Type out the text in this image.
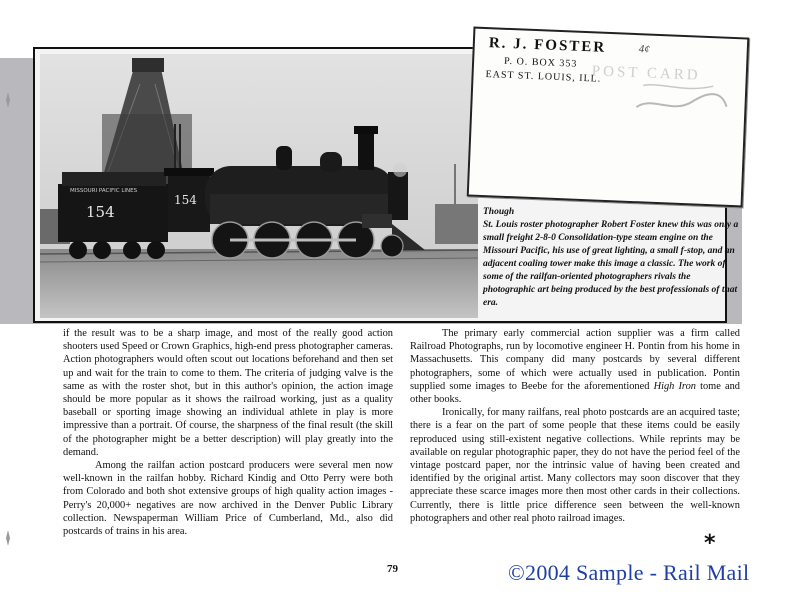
MISSOURI PACIFIC LINES
154
154
POST CARD
R. J. FOSTER
P. O. BOX 353
EAST ST. LOUIS, ILL.
4¢

Though

St. Louis roster photographer Robert Foster knew this was only a small freight 2-8-0 Consolidation-type steam engine on the Missouri Pacific, his use of great lighting, a small f-stop, and an adjacent coaling tower make this image a classic. The work of some of the railfan-oriented photographers rivals the photographic art being produced by the best professionals of that era.

if the result was to be a sharp image, and most of the really good action shooters used Speed or Crown Graphics, high-end press photographer cameras. Action photographers would often scout out locations beforehand and then set up and wait for the train to come to them. The criteria of judging valve is the same as with the roster shot, but in this author's opinion, the action image should be more popular as it shows the railroad working, just as a quality baseball or sporting image showing an individual athlete in play is more impressive than a portrait. Of course, the sharpness of the final result (the skill of the photographer might be a better description) will play greatly into the demand.

Among the railfan action postcard producers were several men now well-known in the railfan hobby. Richard Kindig and Otto Perry were both from Colorado and both shot extensive groups of high quality action images - Perry's 20,000+ negatives are now archived in the Denver Public Library collection. Newspaperman William Price of Cumberland, Md., also did postcards of trains in his area.

The primary early commercial action supplier was a firm called Railroad Photographs, run by locomotive engineer H. Pontin from his home in Massachusetts. This company did many postcards by several different photographers, some of which were actually used in publication. Pontin supplied some images to Beebe for the aforementioned High Iron tome and other books.

Ironically, for many railfans, real photo postcards are an acquired taste; there is a fear on the part of some people that these items could be easily reproduced using still-existent negative collections. While reprints may be available on regular photographic paper, they do not have the period feel of the vintage postcard paper, nor the intrinsic value of having been created and identified by the original artist. Many collectors may soon discover that they appreciate these scarce images more then most other cards in their collections. Currently, there is little price difference seen between the well-known photographers and other real photo railroad images.

*
79	©2004 Sample - Rail Mail
